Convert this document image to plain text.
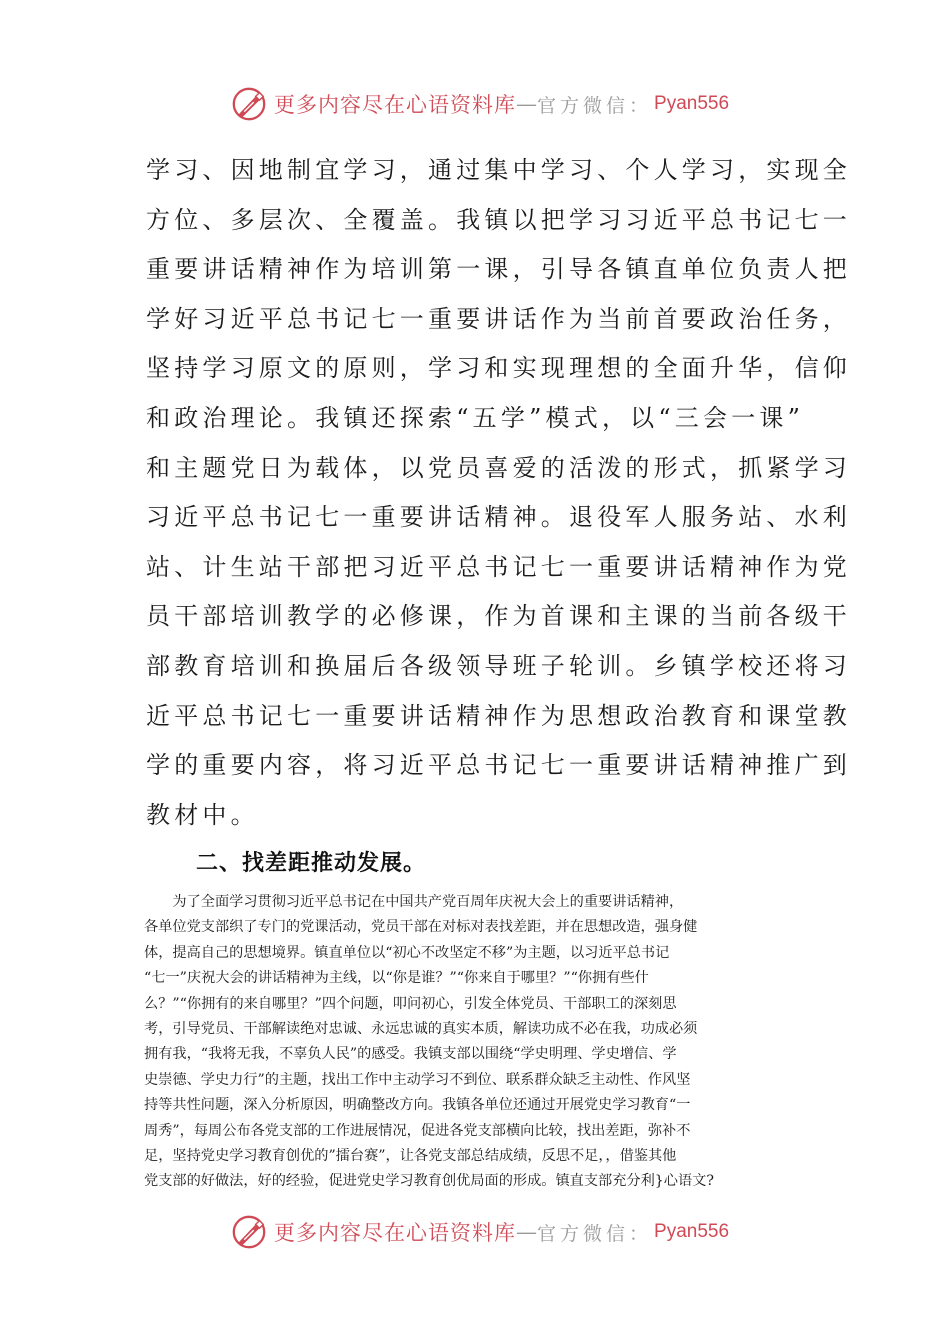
更多内容尽在心语资料库 — 官方微信： Pyan556
学习、因地制宜学习，通过集中学习、个人学习，实现全
方位、多层次、全覆盖。我镇以把学习习近平总书记七一
重要讲话精神作为培训第一课，引导各镇直单位负责人把
学好习近平总书记七一重要讲话作为当前首要政治任务，
坚持学习原文的原则，学习和实现理想的全面升华，信仰
和政治理论。我镇还探索“五学”模式，以“三会一课”
和主题党日为载体，以党员喜爱的活泼的形式，抓紧学习
习近平总书记七一重要讲话精神。退役军人服务站、水利
站、计生站干部把习近平总书记七一重要讲话精神作为党
员干部培训教学的必修课，作为首课和主课的当前各级干
部教育培训和换届后各级领导班子轮训。乡镇学校还将习
近平总书记七一重要讲话精神作为思想政治教育和课堂教
学的重要内容，将习近平总书记七一重要讲话精神推广到
教材中。
二、找差距推动发展。
　　为了全面学习贯彻习近平总书记在中国共产党百周年庆祝大会上的重要讲话精神，
各单位党支部织了专门的党课活动，党员干部在对标对表找差距，并在思想改造，强身健
体，提高自己的思想境界。镇直单位以“初心不改坚定不移”为主题，以习近平总书记
“七一”庆祝大会的讲话精神为主线，以“你是谁？”“你来自于哪里？”“你拥有些什
么？”“你拥有的来自哪里？”四个问题，叩问初心，引发全体党员、干部职工的深刻思
考，引导党员、干部解读绝对忠诚、永远忠诚的真实本质，解读功成不必在我，功成必须
拥有我，“我将无我，不辜负人民”的感受。我镇支部以围绕“学史明理、学史增信、学
史崇德、学史力行”的主题，找出工作中主动学习不到位、联系群众缺乏主动性、作风坚
持等共性问题，深入分析原因，明确整改方向。我镇各单位还通过开展党史学习教育“一
周秀”，每周公布各党支部的工作进展情况，促进各党支部横向比较，找出差距，弥补不
足，坚持党史学习教育创优的”擂台赛”，让各党支部总结成绩，反思不足，，借鉴其他
党支部的好做法，好的经验，促进党史学习教育创优局面的形成。镇直支部充分利}心语文?
更多内容尽在心语资料库 — 官方微信： Pyan556
